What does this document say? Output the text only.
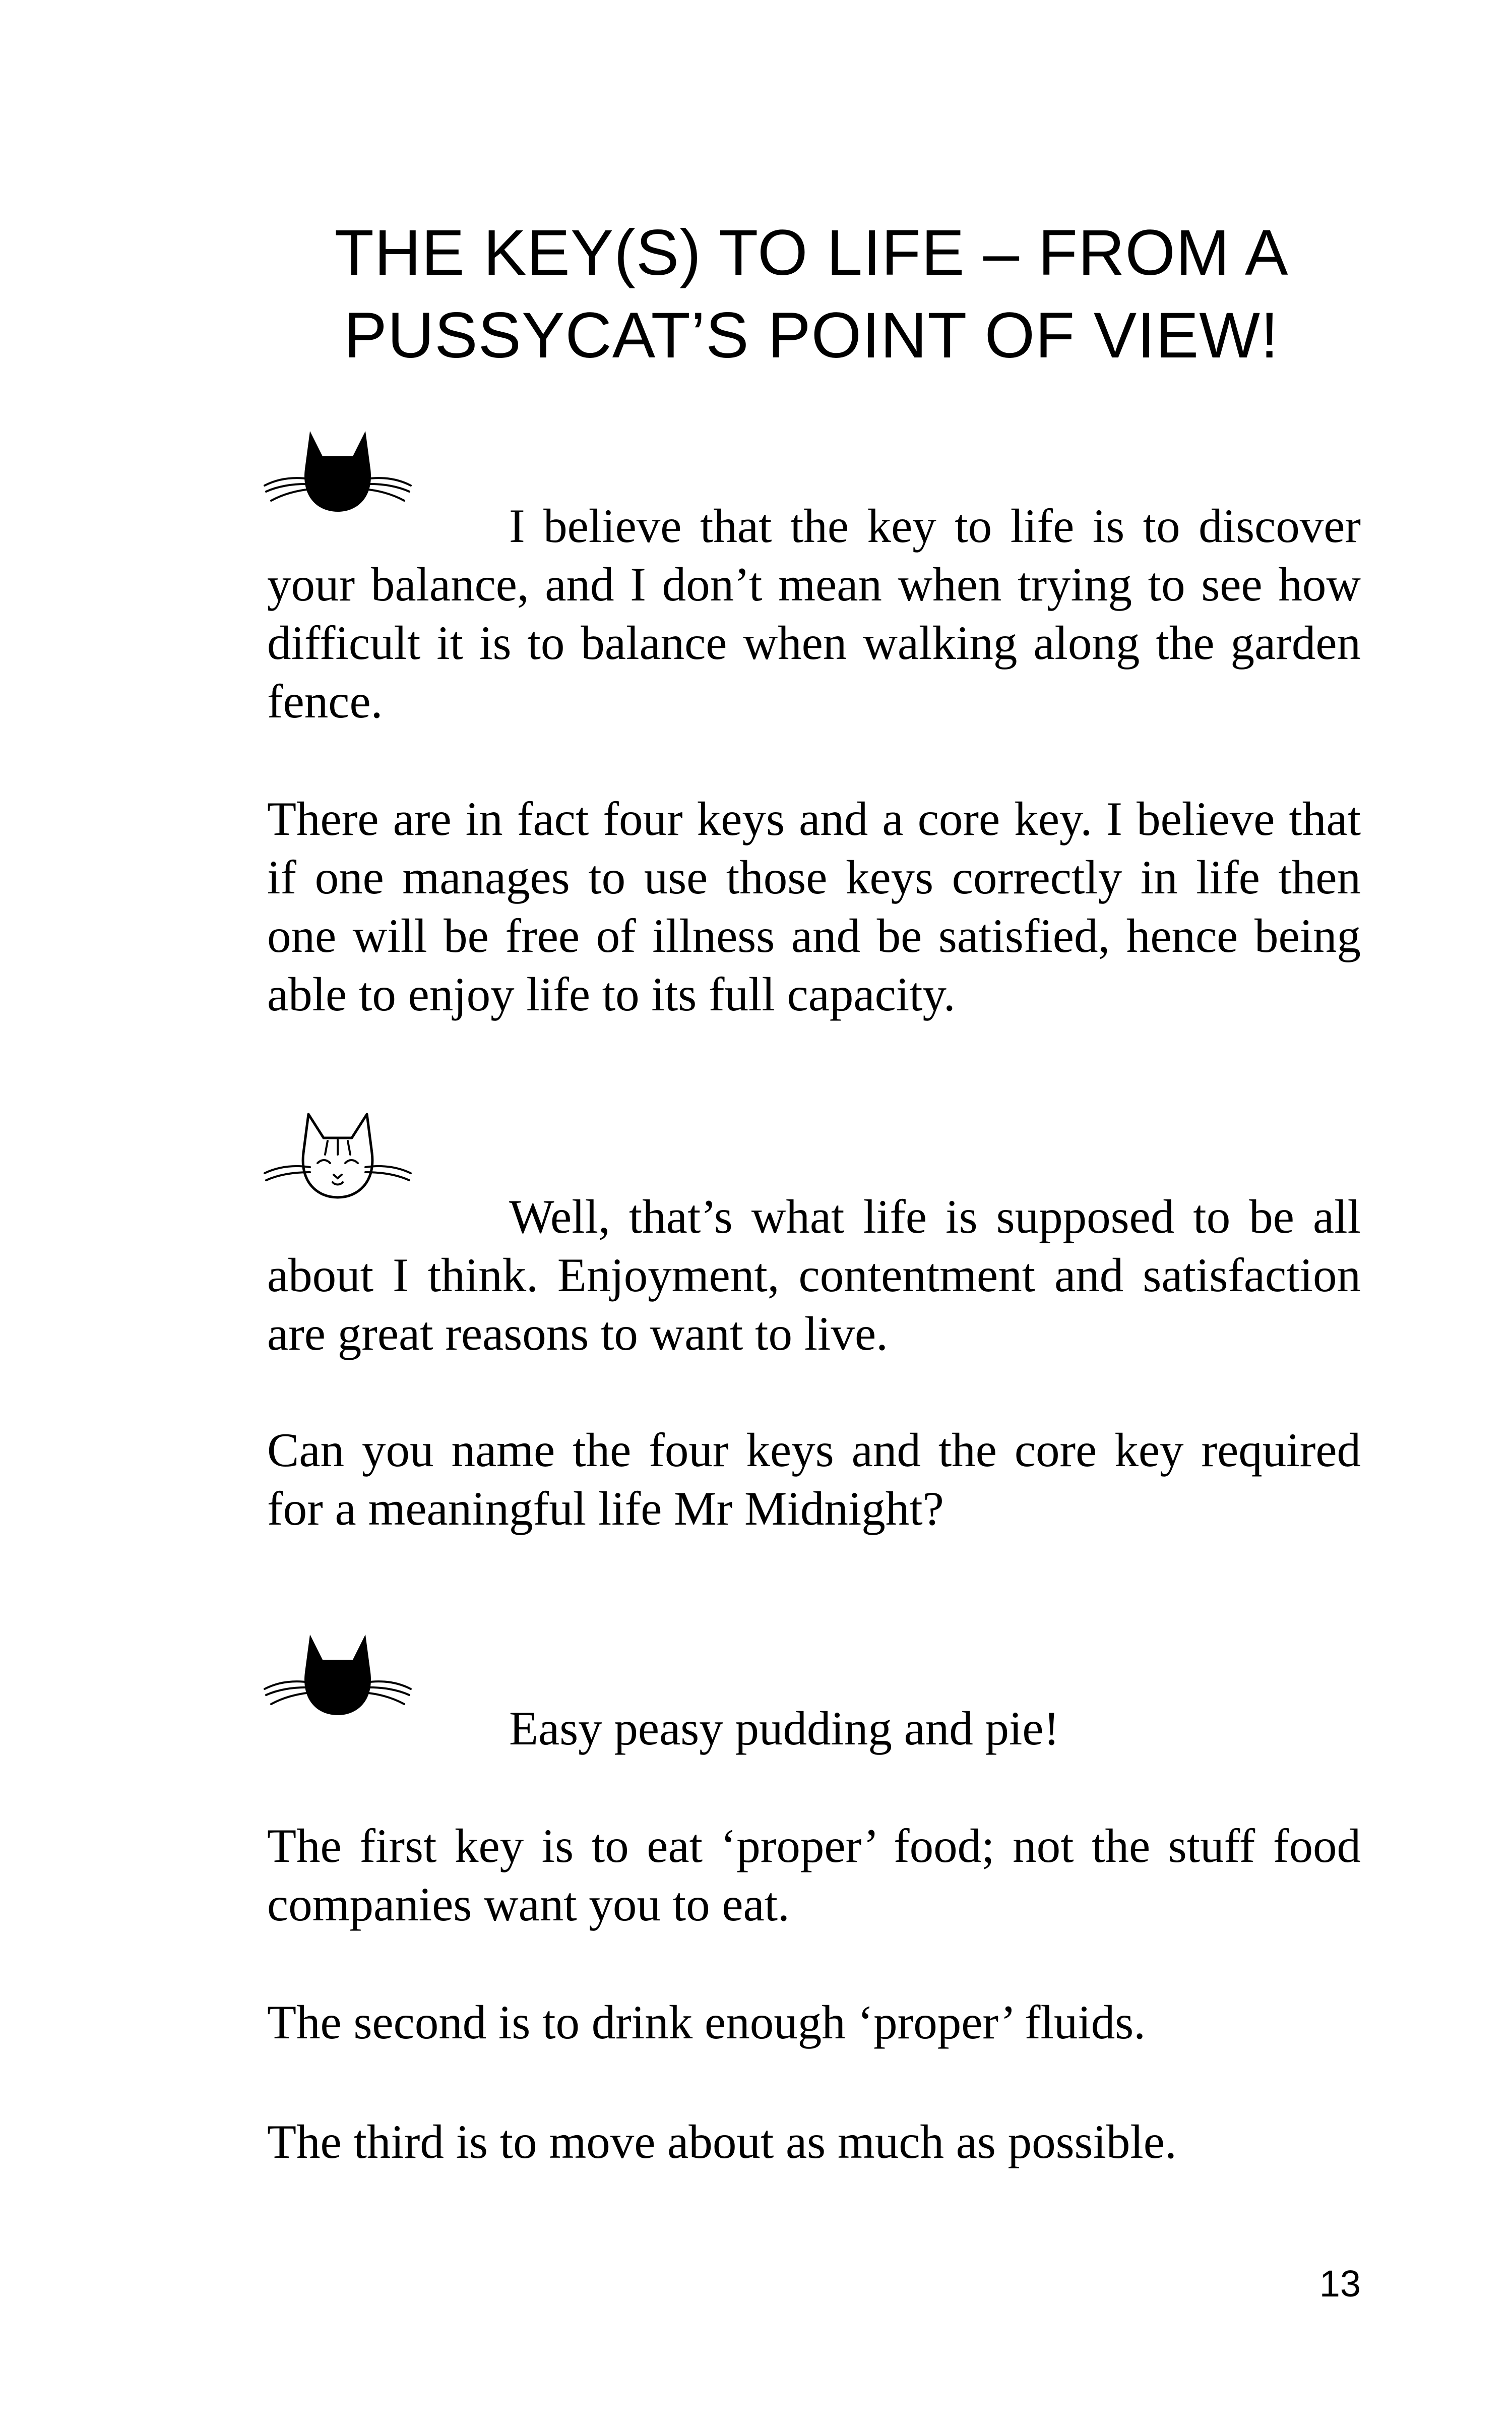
THE KEY(S) TO LIFE – FROM A
PUSSYCAT’S POINT OF VIEW!

I believe that the key to life is to discover your balance, and I don’t mean when trying to see how difficult it is to balance when walking along the garden fence.

There are in fact four keys and a core key. I believe that if one manages to use those keys correctly in life then one will be free of illness and be satisfied, hence being able to enjoy life to its full capacity.

Well, that’s what life is supposed to be all about I think. Enjoyment, contentment and satisfaction are great reasons to want to live.

Can you name the four keys and the core key required for a meaningful life Mr Midnight?

Easy peasy pudding and pie!

The first key is to eat ‘proper’ food; not the stuff food companies want you to eat.

The second is to drink enough ‘proper’ fluids.

The third is to move about as much as possible.

13
